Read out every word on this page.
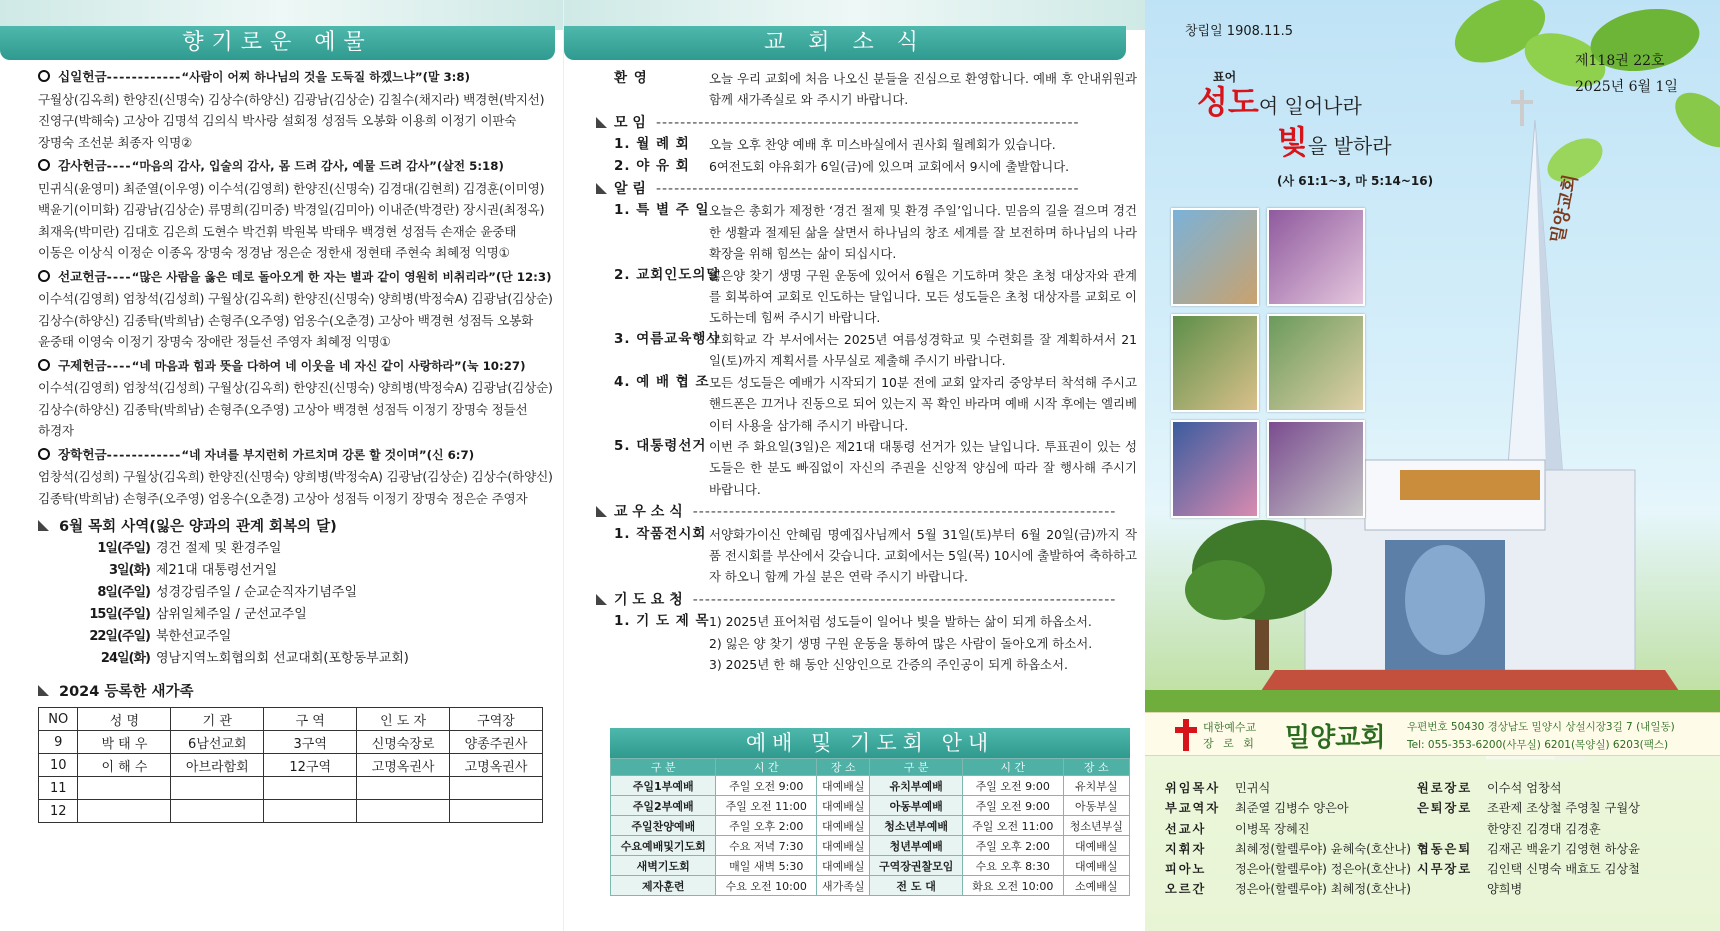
향기로운 예물
십일헌금------------“사람이 어찌 하나님의 것을 도둑질 하겠느냐”(말 3:8)
구월상(김옥희) 한양진(신명숙) 김상수(하양신) 김광남(김상순) 김칠수(채지라) 백경현(박지선)
진영구(박해숙) 고상아 김명석 김의식 박사랑 설회정 성점득 오봉화 이용희 이정기 이판숙
장명숙 조선분 최종자 익명②
감사헌금----“마음의 감사, 입술의 감사, 몸 드려 감사, 예물 드려 감사”(살전 5:18)
민귀식(윤영미) 최준열(이우영) 이수석(김영희) 한양진(신명숙) 김경대(김현희) 김경훈(이미영)
백윤기(이미화) 김광남(김상순) 류명희(김미중) 박경일(김미아) 이내준(박경란) 장시권(최정옥)
최재욱(박미란) 김대호 김은희 도현수 박건휘 박원복 박태우 백경현 성점득 손재순 윤중태
이동은 이상식 이정순 이종옥 장명숙 정경남 정은순 정한새 정현태 주현숙 최혜정 익명①
선교헌금----“많은 사람을 옳은 데로 돌아오게 한 자는 별과 같이 영원히 비취리라”(단 12:3)
이수석(김영희) 엄창석(김성희) 구월상(김옥희) 한양진(신명숙) 양희병(박정숙A) 김광남(김상순)
김상수(하양신) 김종탁(박희남) 손형주(오주영) 엄옹수(오춘경) 고상아 백경현 성점득 오봉화
윤중태 이영숙 이정기 장명숙 장애란 정들선 주영자 최혜정 익명①
구제헌금----“네 마음과 힘과 뜻을 다하여 네 이웃을 네 자신 같이 사랑하라”(눅 10:27)
이수석(김영희) 엄창석(김성희) 구월상(김옥희) 한양진(신명숙) 양희병(박정숙A) 김광남(김상순)
김상수(하양신) 김종탁(박희남) 손형주(오주영) 고상아 백경현 성점득 이정기 장명숙 정들선
하경자
장학헌금------------“네 자녀를 부지런히 가르치며 강론 할 것이며”(신 6:7)
엄창석(김성희) 구월상(김옥희) 한양진(신명숙) 양희병(박정숙A) 김광남(김상순) 김상수(하양신)
김종탁(박희남) 손형주(오주영) 엄옹수(오춘경) 고상아 성점득 이정기 장명숙 정은순 주영자
6월 목회 사역(잃은 양과의 관계 회복의 달)
1일(주일) 경건 절제 및 환경주일
3일(화) 제21대 대통령선거일
8일(주일) 성경강림주일 / 순교순직자기념주일
15일(주일) 삼위일체주일 / 군선교주일
22일(주일) 북한선교주일
24일(화) 영남지역노회협의회 선교대회(포항동부교회)
2024 등록한 새가족
NO	성 명	기 관	구 역	인 도 자	구역장
9	박 태 우	6남선교회	3구역	신명숙장로	양종주권사
10	이 해 수	아브라함회	12구역	고명옥권사	고명옥권사
11					
12					
교 회 소 식
환 영	오늘 우리 교회에 처음 나오신 분들을 진심으로 환영합니다. 예배 후 안내위원과 함께 새가족실로 와 주시기 바랍니다.
모 임 ----------------------------------------------------------------------
1. 월 례 회	오늘 오후 찬양 예배 후 미스바실에서 권사회 월례회가 있습니다.
2. 야 유 회	6여전도회 야유회가 6일(금)에 있으며 교회에서 9시에 출발합니다.
알 림 ----------------------------------------------------------------------
1. 특 별 주 일 오늘은 총회가 제정한 ‘경건 절제 및 환경 주일’입니다. 믿음의 길을 걸으며 경건한 생활과 절제된 삶을 살면서 하나님의 창조 세계를 잘 보전하며 하나님의 나라 확장을 위해 힘쓰는 삶이 되십시다.
2. 교회인도의달
잃은양 찾기 생명 구원 운동에 있어서 6월은 기도하며 찾은 초청 대상자와 관계를 회복하여 교회로 인도하는 달입니다. 모든 성도들은 초청 대상자를 교회로 이도하는데 힘써 주시기 바랍니다.
3. 여름교육행사
교회학교 각 부서에서는 2025년 여름성경학교 및 수련회를 잘 계획하셔서 21일(토)까지 계획서를 사무실로 제출해 주시기 바랍니다.
4. 예 배 협 조 모든 성도들은 예배가 시작되기 10분 전에 교회 앞자리 중앙부터 착석해 주시고 핸드폰은 끄거나 진동으로 되어 있는지 꼭 확인 바라며 예배 시작 후에는 엘리베이터 사용을 삼가해 주시기 바랍니다.
5. 대통령선거 이번 주 화요일(3일)은 제21대 대통령 선거가 있는 날입니다. 투표권이 있는 성도들은 한 분도 빠짐없이 자신의 주권을 신앙적 양심에 따라 잘 행사해 주시기 바랍니다.
교 우 소 식 ----------------------------------------------------------------------
1. 작품전시회 서양화가이신 안혜림 명예집사님께서 5월 31일(토)부터 6월 20일(금)까지 작품 전시회를 부산에서 갖습니다. 교회에서는 5일(목) 10시에 출발하여 축하하고자 하오니 함께 가실 분은 연락 주시기 바랍니다.
기 도 요 청 ----------------------------------------------------------------------
1. 기 도 제 목 1) 2025년 표어처럼 성도들이 일어나 빛을 발하는 삶이 되게 하옵소서.
2) 잃은 양 찾기 생명 구원 운동을 통하여 많은 사람이 돌아오게 하소서.
3) 2025년 한 해 동안 신앙인으로 간증의 주인공이 되게 하옵소서.
예배 및 기도회 안내
구 분	시 간	장 소	구 분	시 간	장 소
주일1부예배	주일 오전 9:00	대예배실	유치부예배	주일 오전 9:00	유치부실
주일2부예배	주일 오전 11:00	대예배실	아동부예배	주일 오전 9:00	아동부실
주일찬양예배	주일 오후 2:00	대예배실	청소년부예배	주일 오전 11:00	청소년부실
수요예배및기도회	수요 저녁 7:30	대예배실	청년부예배	주일 오후 2:00	대예배실
새벽기도회	매일 새벽 5:30	대예배실	구역장권찰모임	수요 오후 8:30	대예배실
제자훈련	수요 오전 10:00	새가족실	전 도 대	화요 오전 10:00	소예배실
창립일 1908.11.5
제118권 22호
2025년 6월 1일
표어
성도여 일어나라
빛을 발하라
(사 61:1~3, 마 5:14~16)	밀양교회
대한예수교
장 로 회 밀양교회 우편번호 50430 경상남도 밀양시 상설시장3길 7 (내일동)
Tel: 055-353-6200(사무실) 6201(목양실) 6203(팩스)
위임목사	민귀식
부교역자	최준열 김병수 양은아
선교사	이병목 장혜진
지휘자	최혜정(할렐루야) 윤혜숙(호산나)
피아노	정은아(할렐루야) 정은아(호산나)
오르간	정은아(할렐루야) 최혜정(호산나)
원로장로	이수석 엄창석
은퇴장로	조관제 조상철 주영칠 구월상
한양진 김경대 김경훈
협동은퇴	김재곤 백윤기 김영현 하상윤
시무장로	김인택 신명숙 배효도 김상철
양희병
